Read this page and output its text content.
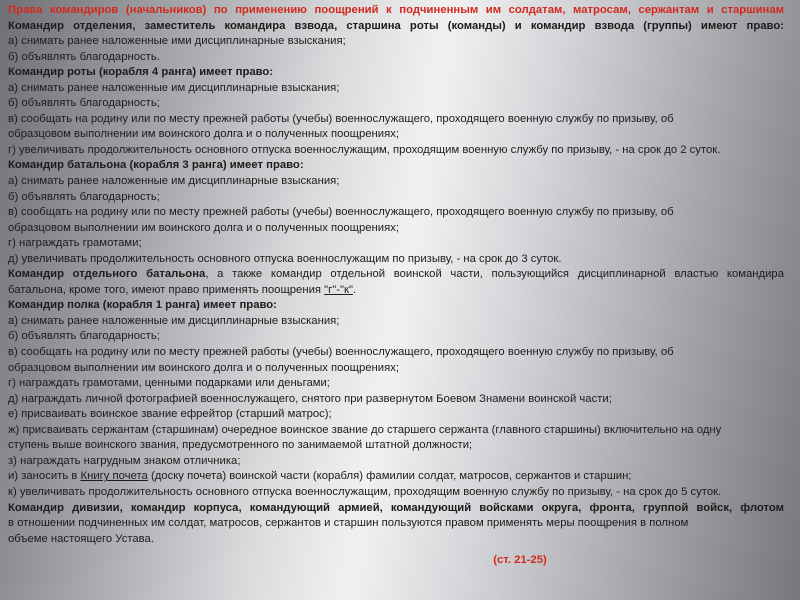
Права командиров (начальников) по применению поощрений к подчиненным им солдатам, матросам, сержантам и старшинам
Командир отделения, заместитель командира взвода, старшина роты (команды) и командир взвода (группы) имеют право:
а) снимать ранее наложенные ими дисциплинарные взыскания;
б) объявлять благодарность.
Командир роты (корабля 4 ранга) имеет право:
а) снимать ранее наложенные им дисциплинарные взыскания;
б) объявлять благодарность;
в) сообщать на родину или по месту прежней работы (учебы) военнослужащего, проходящего военную службу по призыву, об
образцовом выполнении им воинского долга и о полученных поощрениях;
г) увеличивать продолжительность основного отпуска военнослужащим, проходящим военную службу по призыву, - на срок до 2 суток.
Командир батальона (корабля 3 ранга) имеет право:
а) снимать ранее наложенные им дисциплинарные взыскания;
б) объявлять благодарность;
в) сообщать на родину или по месту прежней работы (учебы) военнослужащего, проходящего военную службу по призыву, об
образцовом выполнении им воинского долга и о полученных поощрениях;
г) награждать грамотами;
д) увеличивать продолжительность основного отпуска военнослужащим по призыву, - на срок до 3 суток.
Командир отдельного батальона, а также командир отдельной воинской части, пользующийся дисциплинарной властью командира
батальона, кроме того, имеют право применять поощрения "г"-"к".
Командир полка (корабля 1 ранга) имеет право:
а) снимать ранее наложенные им дисциплинарные взыскания;
б) объявлять благодарность;
в) сообщать на родину или по месту прежней работы (учебы) военнослужащего, проходящего военную службу по призыву, об
образцовом выполнении им воинского долга и о полученных поощрениях;
г) награждать грамотами, ценными подарками или деньгами;
д) награждать личной фотографией военнослужащего, снятого при развернутом Боевом Знамени воинской части;
е) присваивать воинское звание ефрейтор (старший матрос);
ж) присваивать сержантам (старшинам) очередное воинское звание до старшего сержанта (главного старшины) включительно на одну
ступень выше воинского звания, предусмотренного по занимаемой штатной должности;
з) награждать нагрудным знаком отличника;
и) заносить в Книгу почета (доску почета) воинской части (корабля) фамилии солдат, матросов, сержантов и старшин;
к) увеличивать продолжительность основного отпуска военнослужащим, проходящим военную службу по призыву, - на срок до 5 суток.
Командир дивизии, командир корпуса, командующий армией, командующий войсками округа, фронта, группой войск, флотом
в отношении подчиненных им солдат, матросов, сержантов и старшин пользуются правом применять меры поощрения в полном
объеме настоящего Устава.
(ст. 21-25)
